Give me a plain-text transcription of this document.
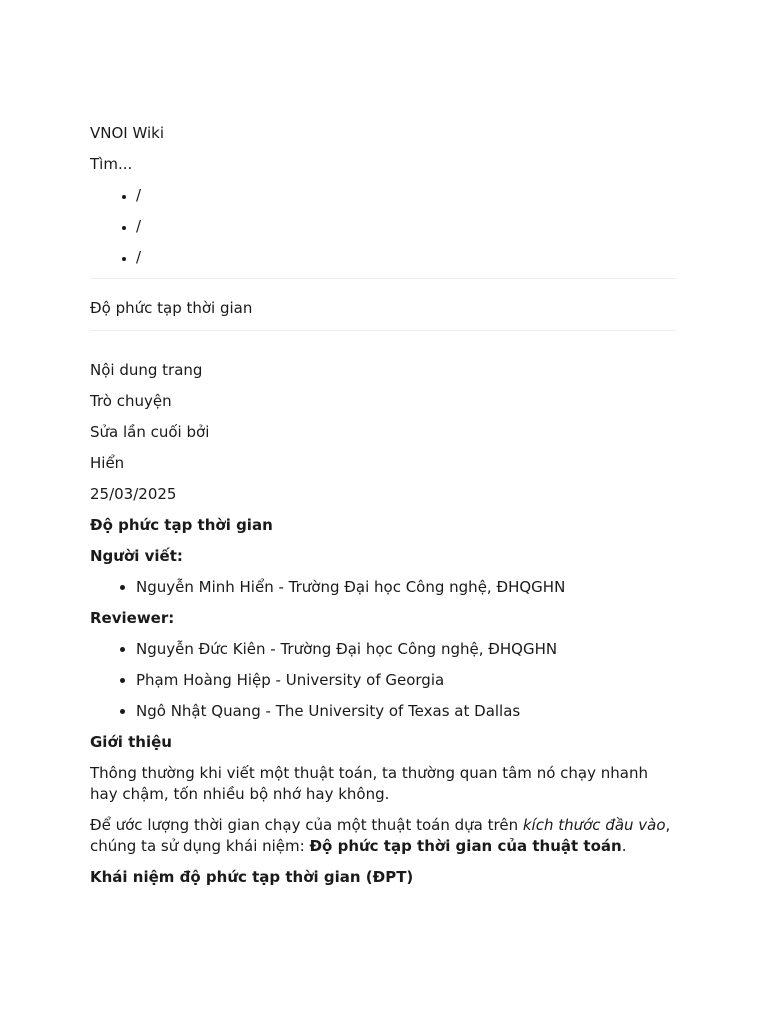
VNOI Wiki
Tìm...
• /
• /
• /
Độ phức tạp thời gian
Nội dung trang
Trò chuyện
Sửa lần cuối bởi
Hiển
25/03/2025
Độ phức tạp thời gian
Người viết:
• Nguyễn Minh Hiển - Trường Đại học Công nghệ, ĐHQGHN
Reviewer:
• Nguyễn Đức Kiên - Trường Đại học Công nghệ, ĐHQGHN
• Phạm Hoàng Hiệp - University of Georgia
• Ngô Nhật Quang - The University of Texas at Dallas
Giới thiệu

Thông thường khi viết một thuật toán, ta thường quan tâm nó chạy nhanh hay chậm, tốn nhiều bộ nhớ hay không.

Để ước lượng thời gian chạy của một thuật toán dựa trên kích thước đầu vào, chúng ta sử dụng khái niệm: Độ phức tạp thời gian của thuật toán.

Khái niệm độ phức tạp thời gian (ĐPT)
